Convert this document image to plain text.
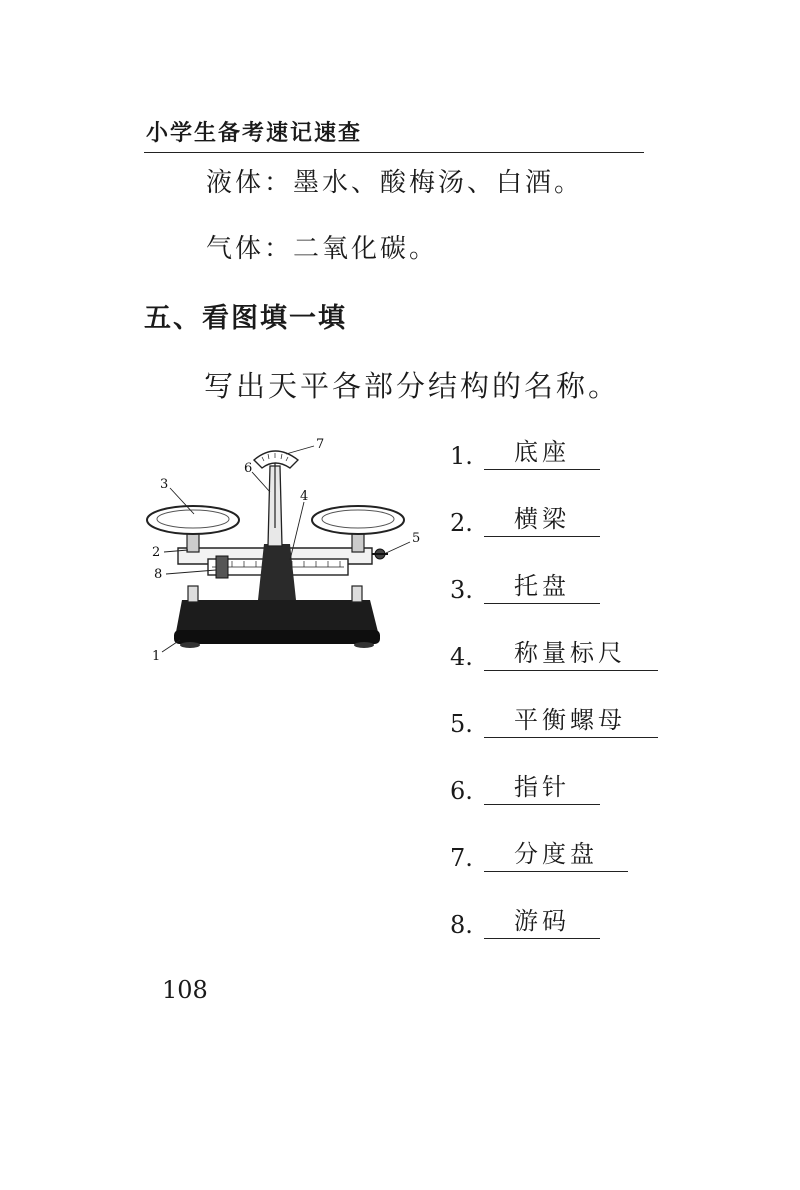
小学生备考速记速查
液体：墨水、酸梅汤、白酒。
气体：二氧化碳。
五、看图填一填
写出天平各部分结构的名称。
1
2
3
4
5
6
7
8
1.	底座
2.	横梁
3.	托盘
4.	称量标尺
5.	平衡螺母
6.	指针
7.	分度盘
8.	游码
108
